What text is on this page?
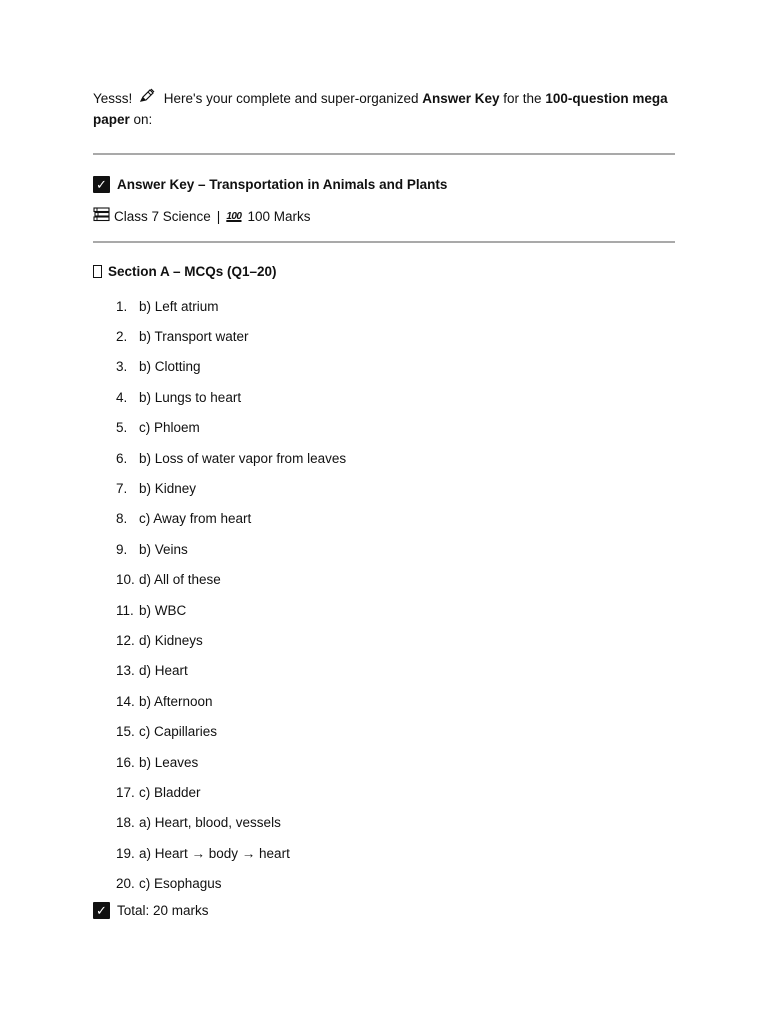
Yesss!  Here's your complete and super-organized Answer Key for the 100-question mega paper on:

✓ Answer Key – Transportation in Animals and Plants
Class 7 Science | 100 100 Marks
Section A – MCQs (Q1–20)
1. b) Left atrium
2. b) Transport water
3. b) Clotting
4. b) Lungs to heart
5. c) Phloem
6. b) Loss of water vapor from leaves
7. b) Kidney
8. c) Away from heart
9. b) Veins
10. d) All of these
11. b) WBC
12. d) Kidneys
13. d) Heart
14. b) Afternoon
15. c) Capillaries
16. b) Leaves
17. c) Bladder
18. a) Heart, blood, vessels
19. a) Heart → body → heart
20. c) Esophagus
✓ Total: 20 marks
